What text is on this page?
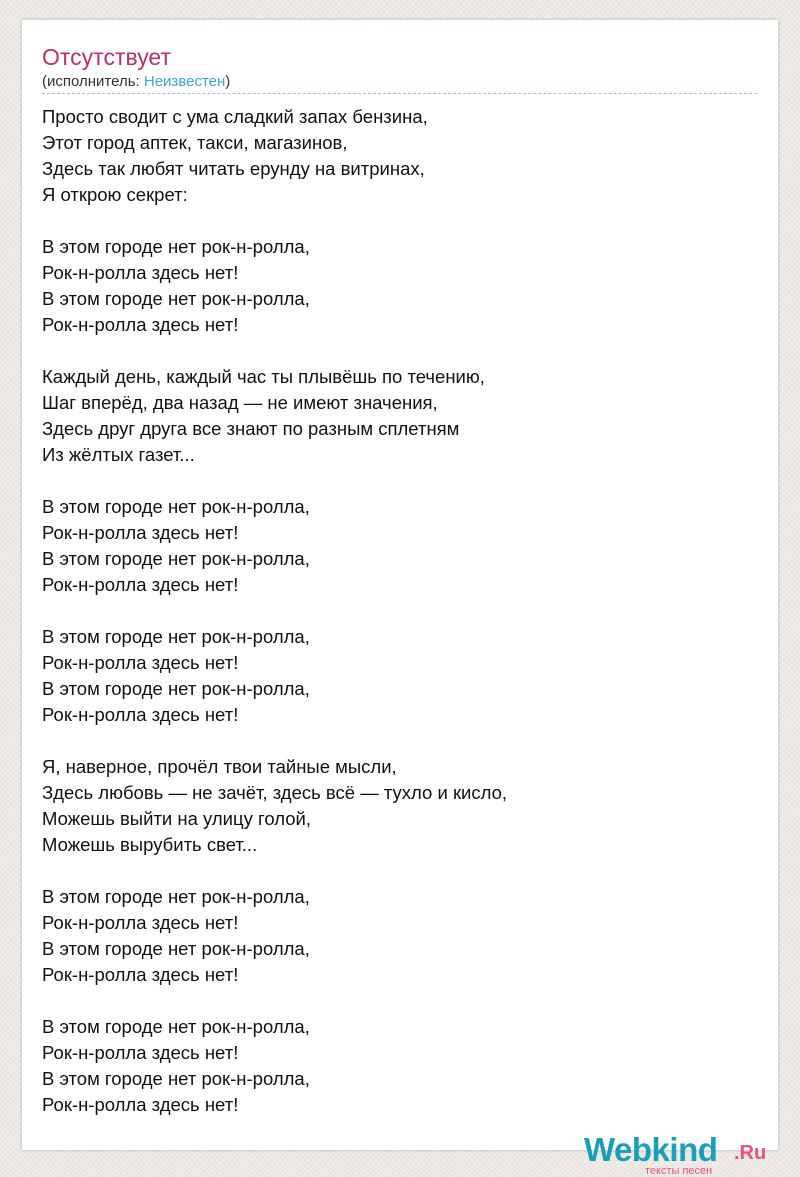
Отсутствует
(исполнитель: Неизвестен)
Просто сводит с ума сладкий запах бензина,
Этот город аптек, такси, магазинов,
Здесь так любят читать ерунду на витринах,
Я открою секрет:
В этом городе нет рок-н-ролла,
Рок-н-ролла здесь нет!
В этом городе нет рок-н-ролла,
Рок-н-ролла здесь нет!
Каждый день, каждый час ты плывёшь по течению,
Шаг вперёд, два назад — не имеют значения,
Здесь друг друга все знают по разным сплетням
Из жёлтых газет...
В этом городе нет рок-н-ролла,
Рок-н-ролла здесь нет!
В этом городе нет рок-н-ролла,
Рок-н-ролла здесь нет!
В этом городе нет рок-н-ролла,
Рок-н-ролла здесь нет!
В этом городе нет рок-н-ролла,
Рок-н-ролла здесь нет!
Я, наверное, прочёл твои тайные мысли,
Здесь любовь — не зачёт, здесь всё — тухло и кисло,
Можешь выйти на улицу голой,
Можешь вырубить свет...
В этом городе нет рок-н-ролла,
Рок-н-ролла здесь нет!
В этом городе нет рок-н-ролла,
Рок-н-ролла здесь нет!
В этом городе нет рок-н-ролла,
Рок-н-ролла здесь нет!
В этом городе нет рок-н-ролла,
Рок-н-ролла здесь нет!
Webkind .Ru
тексты песен
